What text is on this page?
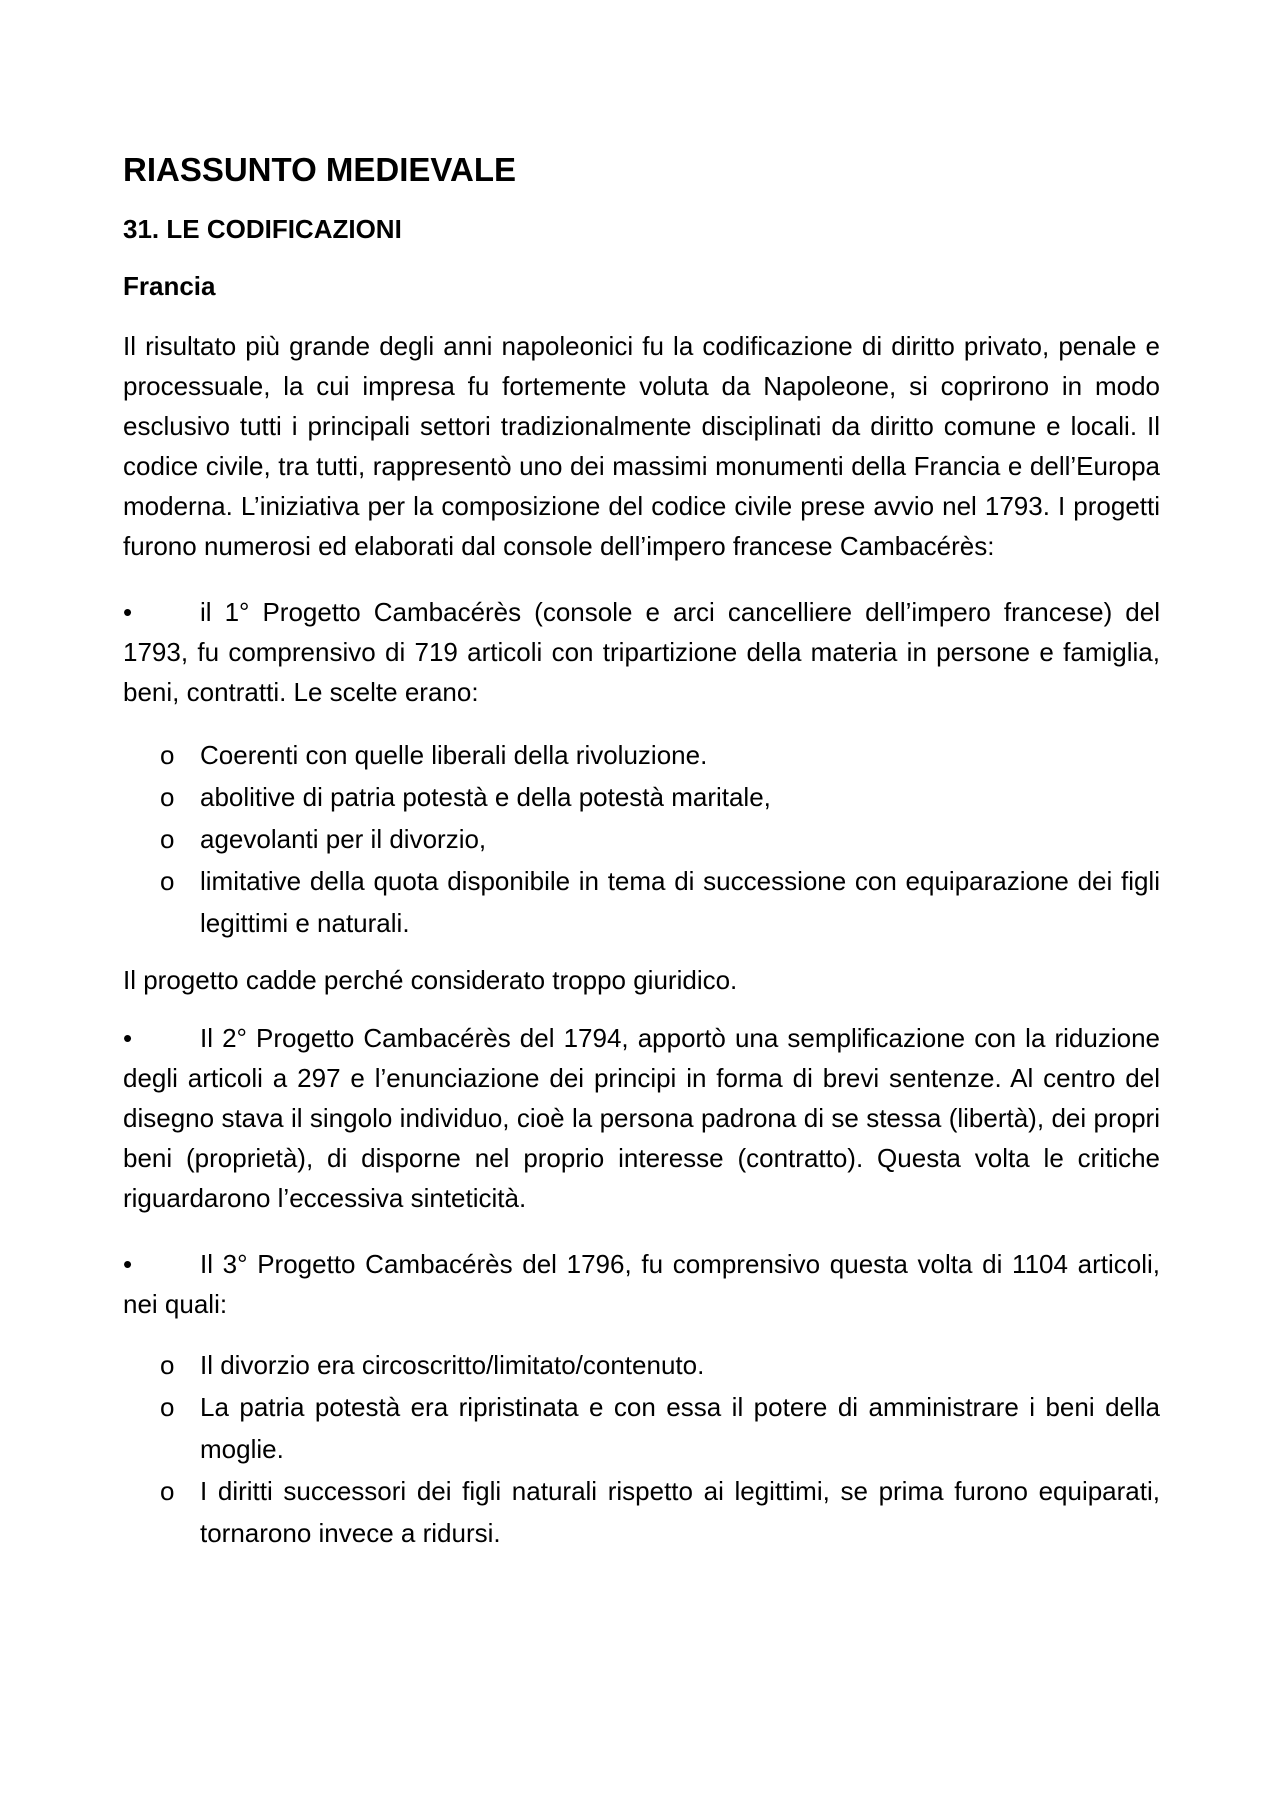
RIASSUNTO MEDIEVALE
31. LE CODIFICAZIONI
Francia

Il risultato più grande degli anni napoleonici fu la codificazione di diritto privato, penale e processuale, la cui impresa fu fortemente voluta da Napoleone, si coprirono in modo esclusivo tutti i principali settori tradizionalmente disciplinati da diritto comune e locali. Il codice civile, tra tutti, rappresentò uno dei massimi monumenti della Francia e dell’Europa moderna. L’iniziativa per la composizione del codice civile prese avvio nel 1793. I progetti furono numerosi ed elaborati dal console dell’impero francese Cambacérès:

•	il 1° Progetto Cambacérès (console e arci cancelliere dell’impero francese) del 1793, fu comprensivo di 719 articoli con tripartizione della materia in persone e famiglia, beni, contratti. Le scelte erano:

o Coerenti con quelle liberali della rivoluzione.
o abolitive di patria potestà e della potestà maritale,
o agevolanti per il divorzio,
o limitative della quota disponibile in tema di successione con equiparazione dei figli legittimi e naturali.

Il progetto cadde perché considerato troppo giuridico.

•	Il 2° Progetto Cambacérès del 1794, apportò una semplificazione con la riduzione degli articoli a 297 e l’enunciazione dei principi in forma di brevi sentenze. Al centro del disegno stava il singolo individuo, cioè la persona padrona di se stessa (libertà), dei propri beni (proprietà), di disporne nel proprio interesse (contratto). Questa volta le critiche riguardarono l’eccessiva sinteticità.

•	Il 3° Progetto Cambacérès del 1796, fu comprensivo questa volta di 1104 articoli, nei quali:

o Il divorzio era circoscritto/limitato/contenuto.
o La patria potestà era ripristinata e con essa il potere di amministrare i beni della moglie.
o I diritti successori dei figli naturali rispetto ai legittimi, se prima furono equiparati, tornarono invece a ridursi.
